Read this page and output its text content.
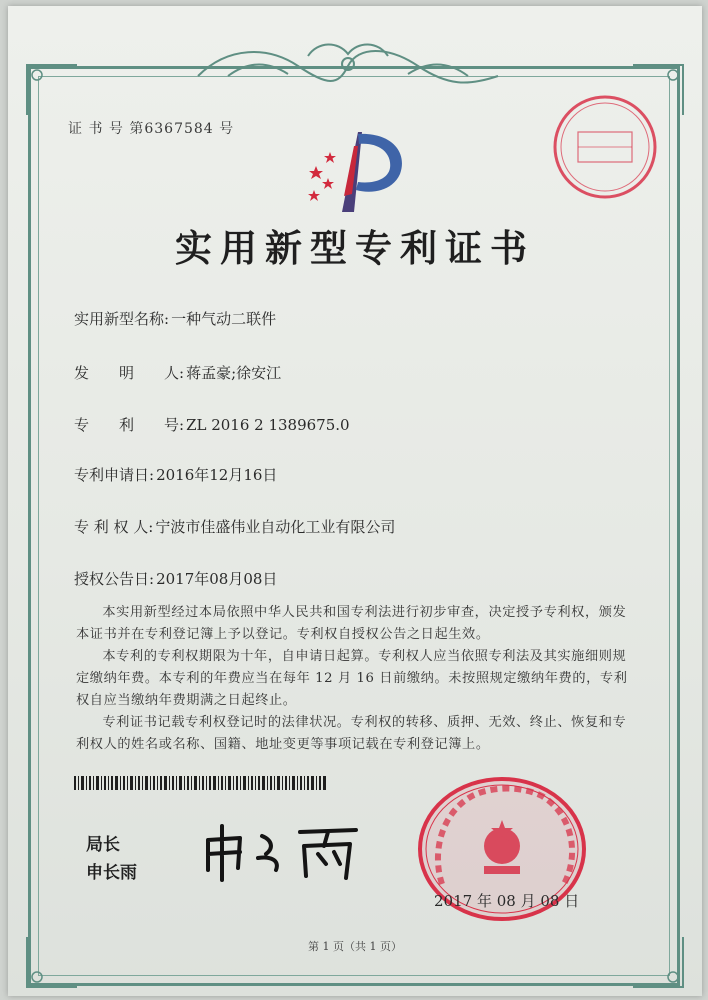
证 书 号 第6367584 号
实用新型专利证书
实用新型名称: 一种气动二联件
发　　明　　人: 蒋孟豪;徐安江
专　　利　　号: ZL 2016 2 1389675.0
专利申请日: 2016年12月16日
专 利 权 人: 宁波市佳盛伟业自动化工业有限公司
授权公告日: 2017年08月08日
本实用新型经过本局依照中华人民共和国专利法进行初步审查，决定授予专利权，颁发本证书并在专利登记簿上予以登记。专利权自授权公告之日起生效。
本专利的专利权期限为十年，自申请日起算。专利权人应当依照专利法及其实施细则规定缴纳年费。本专利的年费应当在每年 12 月 16 日前缴纳。未按照规定缴纳年费的，专利权自应当缴纳年费期满之日起终止。
专利证书记载专利权登记时的法律状况。专利权的转移、质押、无效、终止、恢复和专利权人的姓名或名称、国籍、地址变更等事项记载在专利登记簿上。
局长
申长雨
2017 年 08 月 08 日
第 1 页（共 1 页）
